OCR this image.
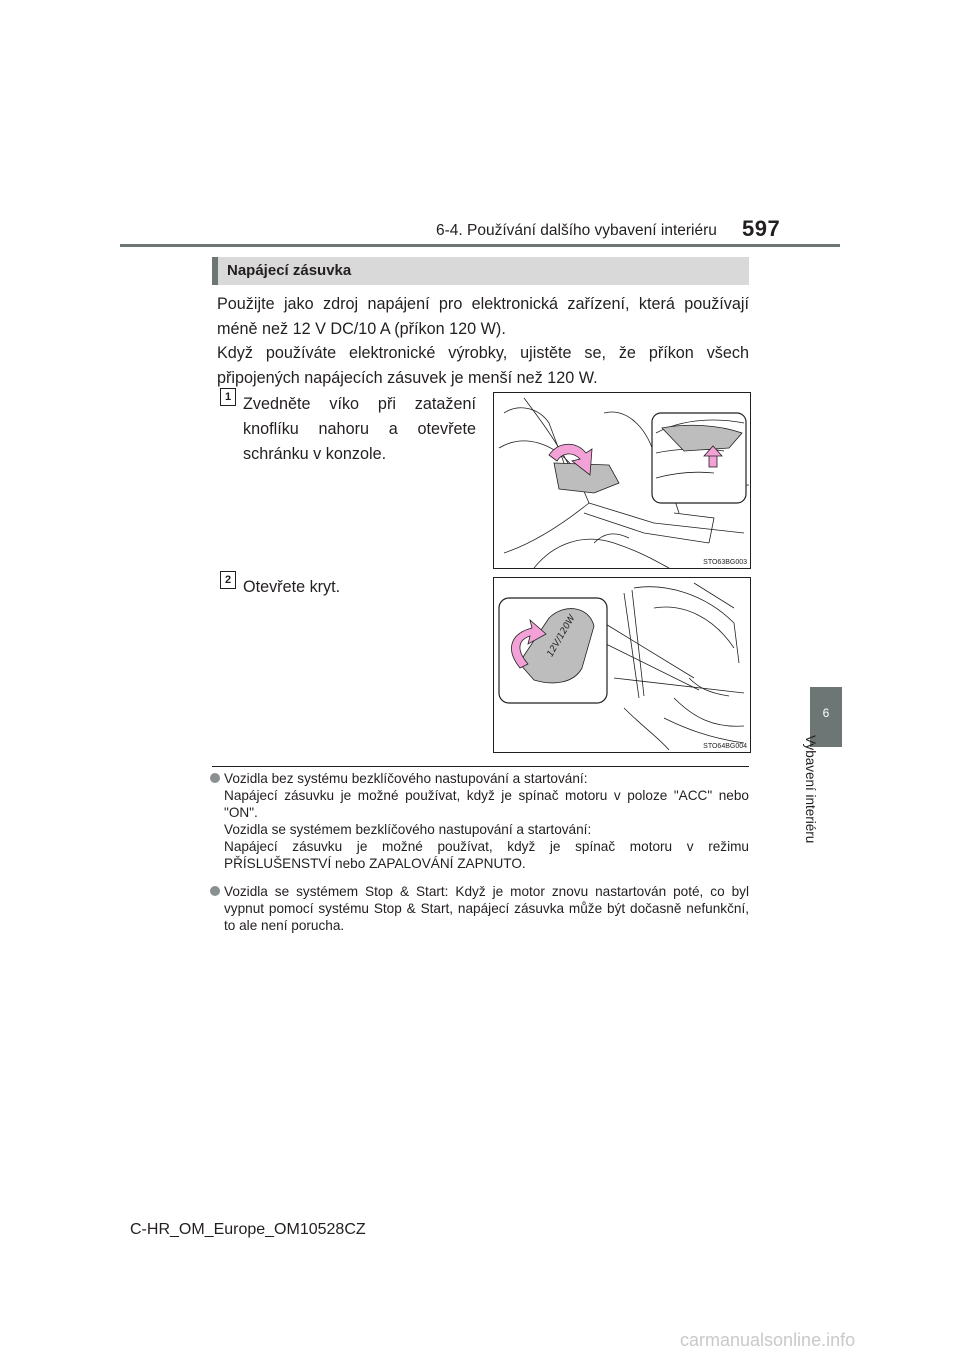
6-4. Používání dalšího vybavení interiéru 597
6
Vybavení interiéru
Napájecí zásuvka
Použijte jako zdroj napájení pro elektronická zařízení, která používají méně než 12 V DC/10 A (příkon 120 W).
Když používáte elektronické výrobky, ujistěte se, že příkon všech připojených napájecích zásuvek je menší než 120 W.
1 Zvedněte víko při zatažení knoflíku nahoru a otevřete schránku v konzole.
STO63BG003
2 Otevřete kryt.
12V/120W
STO64BG004
Vozidla bez systému bezklíčového nastupování a startování:
Napájecí zásuvku je možné používat, když je spínač motoru v poloze "ACC" nebo "ON".
Vozidla se systémem bezklíčového nastupování a startování:
Napájecí zásuvku je možné používat, když je spínač motoru v režimu PŘÍSLUŠENSTVÍ nebo ZAPALOVÁNÍ ZAPNUTO.
Vozidla se systémem Stop & Start: Když je motor znovu nastartován poté, co byl vypnut pomocí systému Stop & Start, napájecí zásuvka může být dočasně nefunkční, to ale není porucha.
C-HR_OM_Europe_OM10528CZ
carmanualsonline.info
